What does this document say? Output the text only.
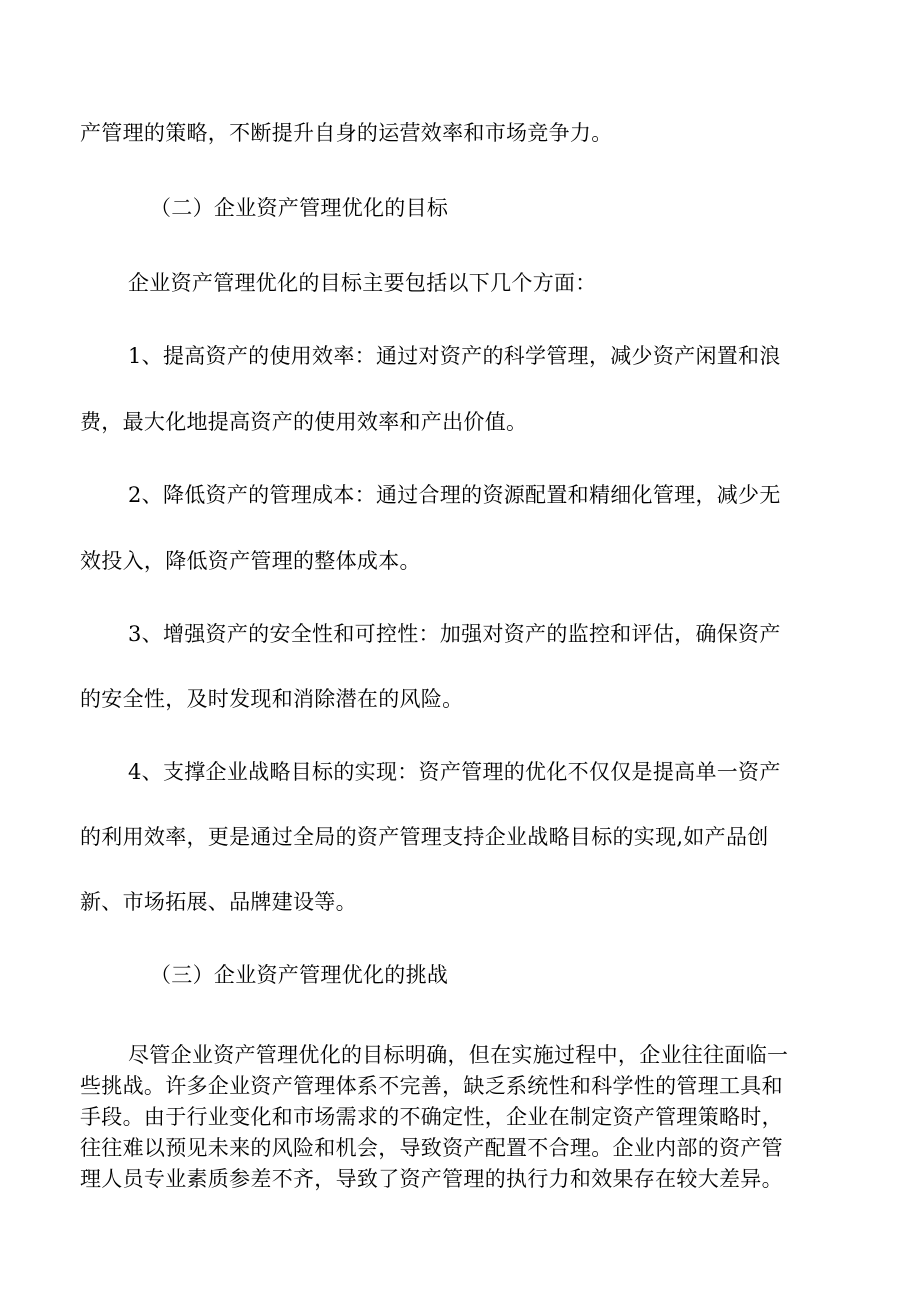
产管理的策略，不断提升自身的运营效率和市场竞争力。
（二）企业资产管理优化的目标
企业资产管理优化的目标主要包括以下几个方面：
1、提高资产的使用效率：通过对资产的科学管理，减少资产闲置和浪
费，最大化地提高资产的使用效率和产出价值。
2、降低资产的管理成本：通过合理的资源配置和精细化管理，减少无
效投入，降低资产管理的整体成本。
3、增强资产的安全性和可控性：加强对资产的监控和评估，确保资产
的安全性，及时发现和消除潜在的风险。
4、支撑企业战略目标的实现：资产管理的优化不仅仅是提高单一资产
的利用效率，更是通过全局的资产管理支持企业战略目标的实现,如产品创
新、市场拓展、品牌建设等。
（三）企业资产管理优化的挑战
尽管企业资产管理优化的目标明确，但在实施过程中，企业往往面临一
些挑战。许多企业资产管理体系不完善，缺乏系统性和科学性的管理工具和
手段。由于行业变化和市场需求的不确定性，企业在制定资产管理策略时，
往往难以预见未来的风险和机会，导致资产配置不合理。企业内部的资产管
理人员专业素质参差不齐，导致了资产管理的执行力和效果存在较大差异。
